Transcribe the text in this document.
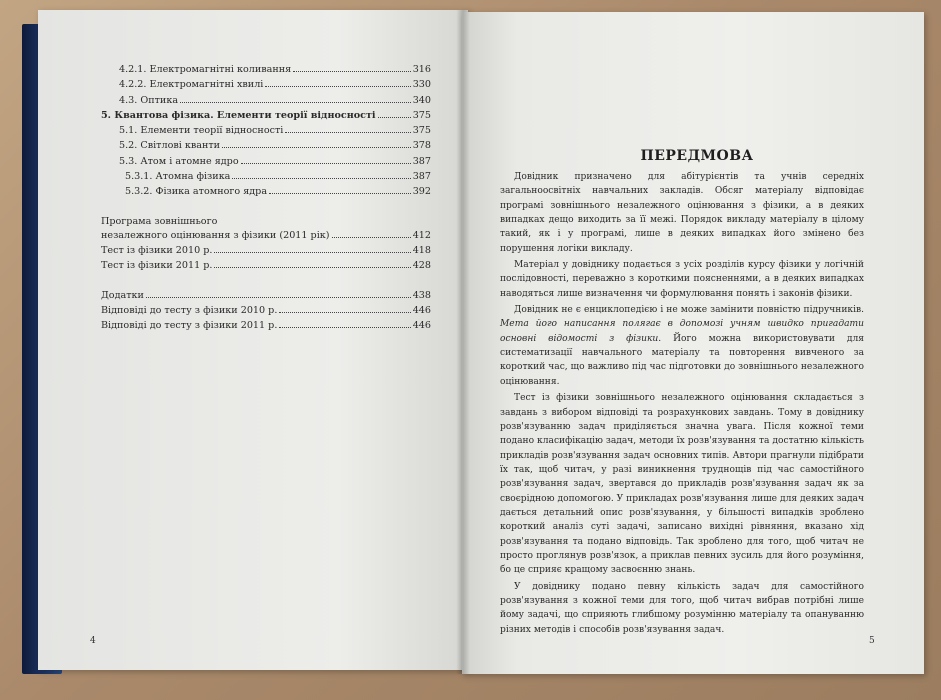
4.2.1. Електромагнітні коливання	316
4.2.2. Електромагнітні хвилі	330
4.3. Оптика	340
5. Квантова фізика. Елементи теорії відносності	375
5.1. Елементи теорії відносності	375
5.2. Світлові кванти	378
5.3. Атом і атомне ядро	387
5.3.1. Атомна фізика	387
5.3.2. Фізика атомного ядра	392
Програма зовнішнього
незалежного оцінювання з фізики (2011 рік)	412
Тест із фізики 2010 р.	418
Тест із фізики 2011 р.	428
Додатки	438
Відповіді до тесту з фізики 2010 р.	446
Відповіді до тесту з фізики 2011 р.	446
4
ПЕРЕДМОВА

Довідник призначено для абітурієнтів та учнів середніх загальноосвітніх навчальних закладів. Обсяг матеріалу відповідає програмі зовнішнього незалежного оцінювання з фізики, а в деяких випадках дещо виходить за її межі. Порядок викладу матеріалу в цілому такий, як і у програмі, лише в деяких випадках його змінено без порушення логіки викладу.

Матеріал у довіднику подається з усіх розділів курсу фізики у логічній послідовності, переважно з короткими поясненнями, а в деяких випадках наводяться лише визначення чи формулювання понять і законів фізики.

Довідник не є енциклопедією і не може замінити повністю підручників. Мета його написання полягає в допомозі учням швидко пригадати основні відомості з фізики. Його можна використовувати для систематизації навчального матеріалу та повторення вивченого за короткий час, що важливо під час підготовки до зовнішнього незалежного оцінювання.

Тест із фізики зовнішнього незалежного оцінювання складається з завдань з вибором відповіді та розрахункових завдань. Тому в довіднику розв'язуванню задач приділяється значна увага. Після кожної теми подано класифікацію задач, методи їх розв'язування та достатню кількість прикладів розв'язування задач основних типів. Автори прагнули підібрати їх так, щоб читач, у разі виникнення труднощів під час самостійного розв'язування задач, звертався до прикладів розв'язування задач як за своєрідною допомогою. У прикладах розв'язування лише для деяких задач дається детальний опис розв'язування, у більшості випадків зроблено короткий аналіз суті задачі, записано вихідні рівняння, вказано хід розв'язування та подано відповідь. Так зроблено для того, щоб читач не просто проглянув розв'язок, а приклав певних зусиль для його розуміння, бо це сприяє кращому засвоєнню знань.

У довіднику подано певну кількість задач для самостійного розв'язування з кожної теми для того, щоб читач вибрав потрібні лише йому задачі, що сприяють глибшому розумінню матеріалу та опануванню різних методів і способів розв'язування задач.

5
